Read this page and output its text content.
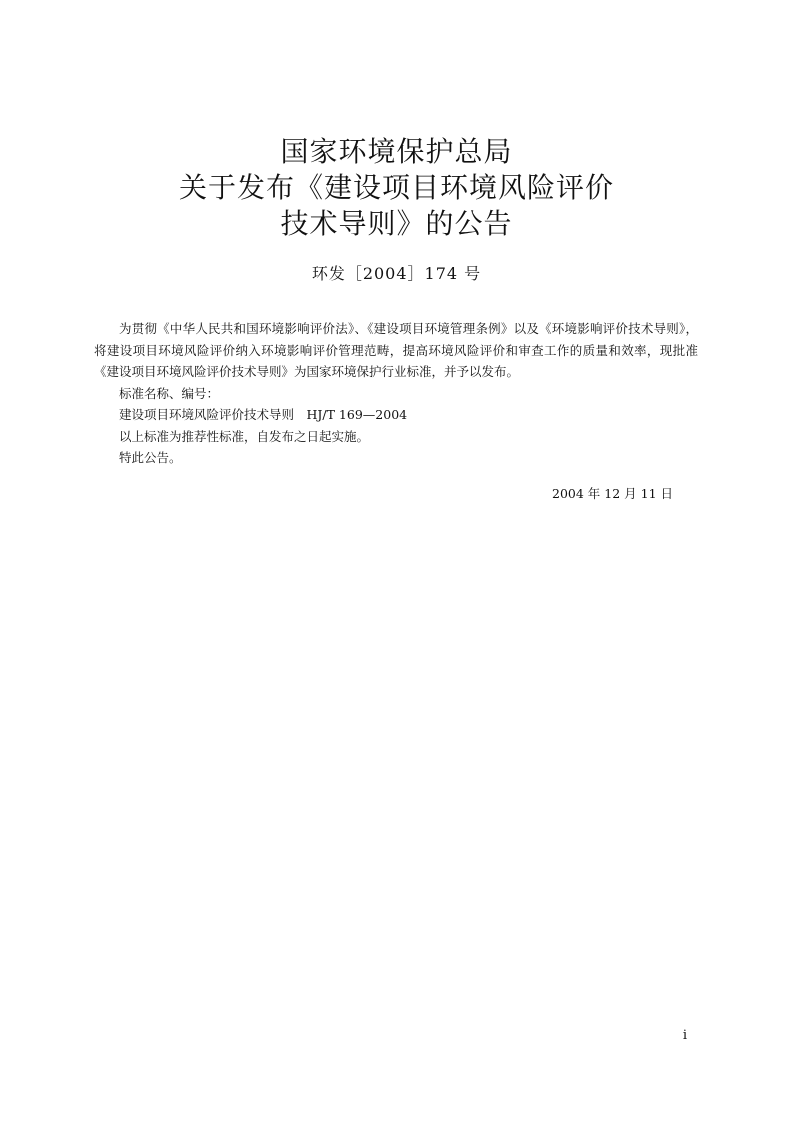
国家环境保护总局
关于发布《建设项目环境风险评价
技术导则》的公告
环发［2004］174 号

为贯彻《中华人民共和国环境影响评价法》、《建设项目环境管理条例》以及《环境影响评价技术导则》，将建设项目环境风险评价纳入环境影响评价管理范畴，提高环境风险评价和审查工作的质量和效率，现批准《建设项目环境风险评价技术导则》为国家环境保护行业标准，并予以发布。

标准名称、编号：

建设项目环境风险评价技术导则　HJ/T 169—2004

以上标准为推荐性标准，自发布之日起实施。

特此公告。

2004 年 12 月 11 日
i
